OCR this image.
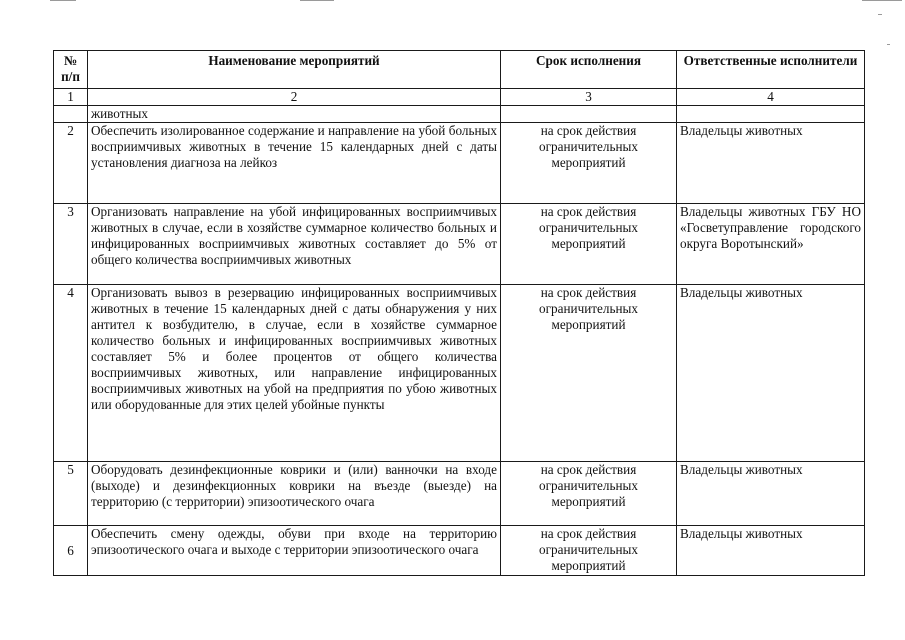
№ п/п	Наименование мероприятий	Срок исполнения	Ответственные исполнители
1	2	3	4
	животных		
2	Обеспечить изолированное содержание и направление на убой больных восприимчивых животных в течение 15 календарных дней с даты установления диагноза на лейкоз	на срок действия ограничительных мероприятий	Владельцы животных
3	Организовать направление на убой инфицированных восприимчивых животных в случае, если в хозяйстве суммарное количество больных и инфицированных восприимчивых животных составляет до 5% от общего количества восприимчивых животных	на срок действия ограничительных мероприятий	Владельцы животных ГБУ НО «Госветуправление городского округа Воротынский»
4	Организовать вывоз в резервацию инфицированных восприимчивых животных в течение 15 календарных дней с даты обнаружения у них антител к возбудителю, в случае, если в хозяйстве суммарное количество больных и инфицированных восприимчивых животных составляет 5% и более процентов от общего количества восприимчивых животных, или направление инфицированных восприимчивых животных на убой на предприятия по убою животных или оборудованные для этих целей убойные пункты	на срок действия ограничительных мероприятий	Владельцы животных
5	Оборудовать дезинфекционные коврики и (или) ванночки на входе (выходе) и дезинфекционных коврики на въезде (выезде) на территорию (с территории) эпизоотического очага	на срок действия ограничительных мероприятий	Владельцы животных
6	Обеспечить смену одежды, обуви при входе на территорию эпизоотического очага и выходе с территории эпизоотического очага	на срок действия ограничительных мероприятий	Владельцы животных
